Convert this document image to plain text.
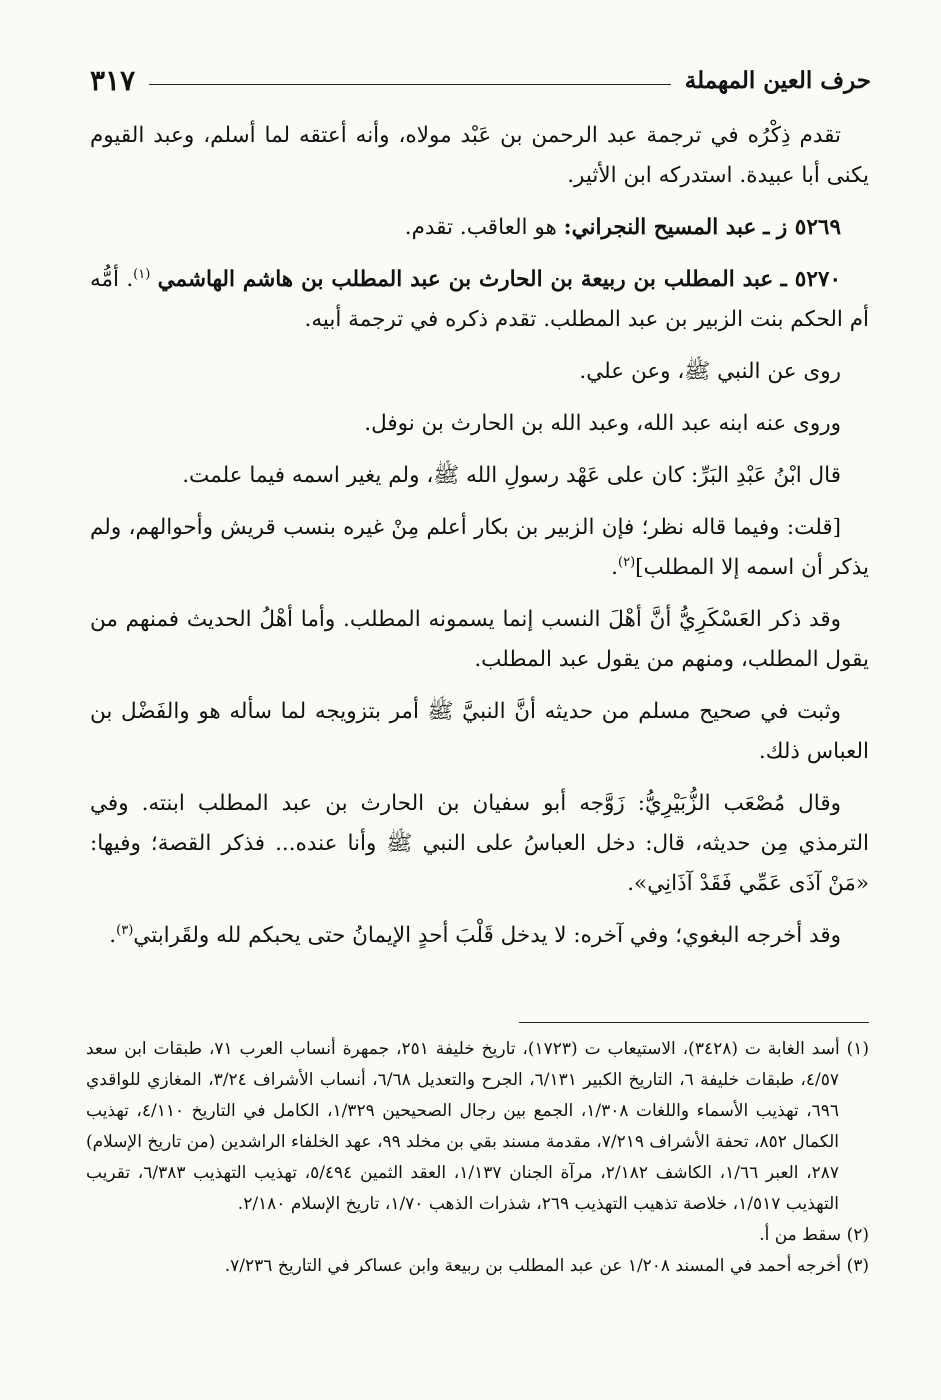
حرف العين المهملة
٣١٧

تقدم ذِكْرُه في ترجمة عبد الرحمن بن عَبْد مولاه، وأنه أعتقه لما أسلم، وعبد القيوم يكنى أبا عبيدة. استدركه ابن الأثير.

٥٢٦٩ ز ـ عبد المسيح النجراني: هو العاقب. تقدم.

٥٢٧٠ ـ عبد المطلب بن ربيعة بن الحارث بن عبد المطلب بن هاشم الهاشمي $^{(١)}$. أمُّه أم الحكم بنت الزبير بن عبد المطلب. تقدم ذكره في ترجمة أبيه.

روى عن النبي ﷺ، وعن علي.

وروى عنه ابنه عبد الله، وعبد الله بن الحارث بن نوفل.

قال ابْنُ عَبْدِ البَرِّ: كان على عَهْد رسولِ الله ﷺ، ولم يغير اسمه فيما علمت.

[قلت: وفيما قاله نظر؛ فإن الزبير بن بكار أعلم مِنْ غيره بنسب قريش وأحوالهم، ولم يذكر أن اسمه إلا المطلب]$^{(٢)}$.

وقد ذكر العَسْكَرِيُّ أنَّ أهْلَ النسب إنما يسمونه المطلب. وأما أهْلُ الحديث فمنهم من يقول المطلب، ومنهم من يقول عبد المطلب.

وثبت في صحيح مسلم من حديثه أنَّ النبيَّ ﷺ أمر بتزويجه لما سأله هو والفَضْل بن العباس ذلك.

وقال مُصْعَب الزُّبَيْرِيُّ: زَوَّجه أبو سفيان بن الحارث بن عبد المطلب ابنته. وفي الترمذي مِن حديثه، قال: دخل العباسُ على النبي ﷺ وأنا عنده... فذكر القصة؛ وفيها: «مَنْ آذَى عَمِّي فَقَدْ آذَانِي».

وقد أخرجه البغوي؛ وفي آخره: لا يدخل قَلْبَ أحدٍ الإيمانُ حتى يحبكم لله ولقَرابتي$^{(٣)}$.

(١) أسد الغابة ت (٣٤٢٨)، الاستيعاب ت (١٧٢٣)، تاريخ خليفة ٢٥١، جمهرة أنساب العرب ٧١، طبقات ابن سعد ٤/٥٧، طبقات خليفة ٦، التاريخ الكبير ٦/١٣١، الجرح والتعديل ٦/٦٨، أنساب الأشراف ٣/٢٤، المغازي للواقدي ٦٩٦، تهذيب الأسماء واللغات ١/٣٠٨، الجمع بين رجال الصحيحين ١/٣٢٩، الكامل في التاريخ ٤/١١٠، تهذيب الكمال ٨٥٢، تحفة الأشراف ٧/٢١٩، مقدمة مسند بقي بن مخلد ٩٩، عهد الخلفاء الراشدين (من تاريخ الإسلام) ٢٨٧، العبر ١/٦٦، الكاشف ٢/١٨٢، مرآة الجنان ١/١٣٧، العقد الثمين ٥/٤٩٤، تهذيب التهذيب ٦/٣٨٣، تقريب التهذيب ١/٥١٧، خلاصة تذهيب التهذيب ٢٦٩، شذرات الذهب ١/٧٠، تاريخ الإسلام ٢/١٨٠.

(٢) سقط من أ.

(٣) أخرجه أحمد في المسند ١/٢٠٨ عن عبد المطلب بن ربيعة وابن عساكر في التاريخ ٧/٢٣٦.
